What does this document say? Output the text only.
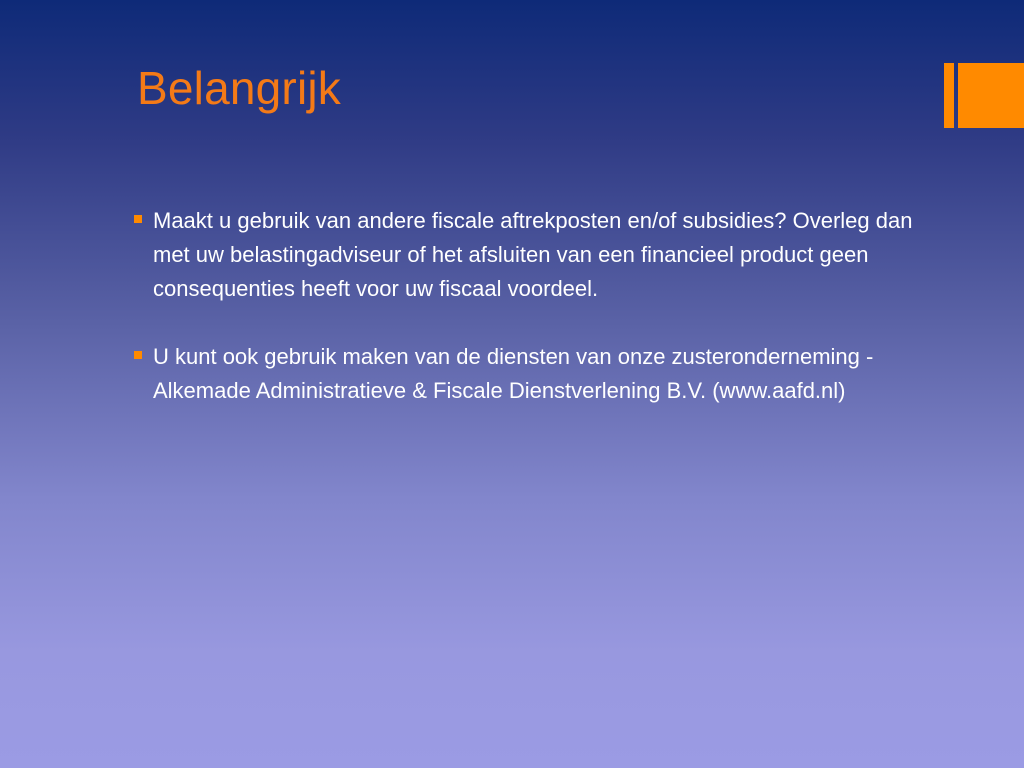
Belangrijk
Maakt u gebruik van andere fiscale aftrekposten en/of subsidies? Overleg dan met uw belastingadviseur of het afsluiten van een financieel product geen consequenties heeft voor uw fiscaal voordeel.
U kunt ook gebruik maken van de diensten van onze zusteronderneming - Alkemade Administratieve & Fiscale Dienstverlening B.V. (www.aafd.nl)
